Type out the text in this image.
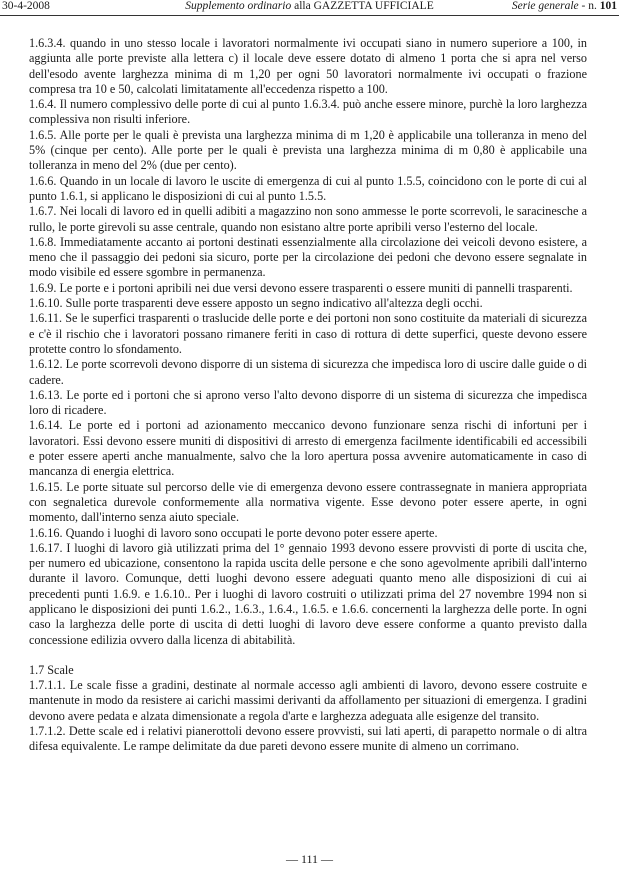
30-4-2008	Supplemento ordinario alla GAZZETTA UFFICIALE	Serie generale - n. 101

1.6.3.4. quando in uno stesso locale i lavoratori normalmente ivi occupati siano in numero superiore a 100, in aggiunta alle porte previste alla lettera c) il locale deve essere dotato di almeno 1 porta che si apra nel verso dell'esodo avente larghezza minima di m 1,20 per ogni 50 lavoratori normalmente ivi occupati o frazione compresa tra 10 e 50, calcolati limitatamente all'eccedenza rispetto a 100.

1.6.4. Il numero complessivo delle porte di cui al punto 1.6.3.4. può anche essere minore, purchè la loro larghezza complessiva non risulti inferiore.

1.6.5. Alle porte per le quali è prevista una larghezza minima di m 1,20 è applicabile una tolleranza in meno del 5% (cinque per cento). Alle porte per le quali è prevista una larghezza minima di m 0,80 è applicabile una tolleranza in meno del 2% (due per cento).

1.6.6. Quando in un locale di lavoro le uscite di emergenza di cui al punto 1.5.5, coincidono con le porte di cui al punto 1.6.1, si applicano le disposizioni di cui al punto 1.5.5.

1.6.7. Nei locali di lavoro ed in quelli adibiti a magazzino non sono ammesse le porte scorrevoli, le saracinesche a rullo, le porte girevoli su asse centrale, quando non esistano altre porte apribili verso l'esterno del locale.

1.6.8. Immediatamente accanto ai portoni destinati essenzialmente alla circolazione dei veicoli devono esistere, a meno che il passaggio dei pedoni sia sicuro, porte per la circolazione dei pedoni che devono essere segnalate in modo visibile ed essere sgombre in permanenza.

1.6.9. Le porte e i portoni apribili nei due versi devono essere trasparenti o essere muniti di pannelli trasparenti.

1.6.10. Sulle porte trasparenti deve essere apposto un segno indicativo all'altezza degli occhi.

1.6.11. Se le superfici trasparenti o traslucide delle porte e dei portoni non sono costituite da materiali di sicurezza e c'è il rischio che i lavoratori possano rimanere feriti in caso di rottura di dette superfici, queste devono essere protette contro lo sfondamento.

1.6.12. Le porte scorrevoli devono disporre di un sistema di sicurezza che impedisca loro di uscire dalle guide o di cadere.

1.6.13. Le porte ed i portoni che si aprono verso l'alto devono disporre di un sistema di sicurezza che impedisca loro di ricadere.

1.6.14. Le porte ed i portoni ad azionamento meccanico devono funzionare senza rischi di infortuni per i lavoratori. Essi devono essere muniti di dispositivi di arresto di emergenza facilmente identificabili ed accessibili e poter essere aperti anche manualmente, salvo che la loro apertura possa avvenire automaticamente in caso di mancanza di energia elettrica.

1.6.15. Le porte situate sul percorso delle vie di emergenza devono essere contrassegnate in maniera appropriata con segnaletica durevole conformemente alla normativa vigente. Esse devono poter essere aperte, in ogni momento, dall'interno senza aiuto speciale.

1.6.16. Quando i luoghi di lavoro sono occupati le porte devono poter essere aperte.

1.6.17. I luoghi di lavoro già utilizzati prima del 1° gennaio 1993 devono essere provvisti di porte di uscita che, per numero ed ubicazione, consentono la rapida uscita delle persone e che sono agevolmente apribili dall'interno durante il lavoro. Comunque, detti luoghi devono essere adeguati quanto meno alle disposizioni di cui ai precedenti punti 1.6.9. e 1.6.10.. Per i luoghi di lavoro costruiti o utilizzati prima del 27 novembre 1994 non si applicano le disposizioni dei punti 1.6.2., 1.6.3., 1.6.4., 1.6.5. e 1.6.6. concernenti la larghezza delle porte. In ogni caso la larghezza delle porte di uscita di detti luoghi di lavoro deve essere conforme a quanto previsto dalla concessione edilizia ovvero dalla licenza di abitabilità.

1.7 Scale

1.7.1.1. Le scale fisse a gradini, destinate al normale accesso agli ambienti di lavoro, devono essere costruite e mantenute in modo da resistere ai carichi massimi derivanti da affollamento per situazioni di emergenza. I gradini devono avere pedata e alzata dimensionate a regola d'arte e larghezza adeguata alle esigenze del transito.

1.7.1.2. Dette scale ed i relativi pianerottoli devono essere provvisti, sui lati aperti, di parapetto normale o di altra difesa equivalente. Le rampe delimitate da due pareti devono essere munite di almeno un corrimano.

— 111 —
